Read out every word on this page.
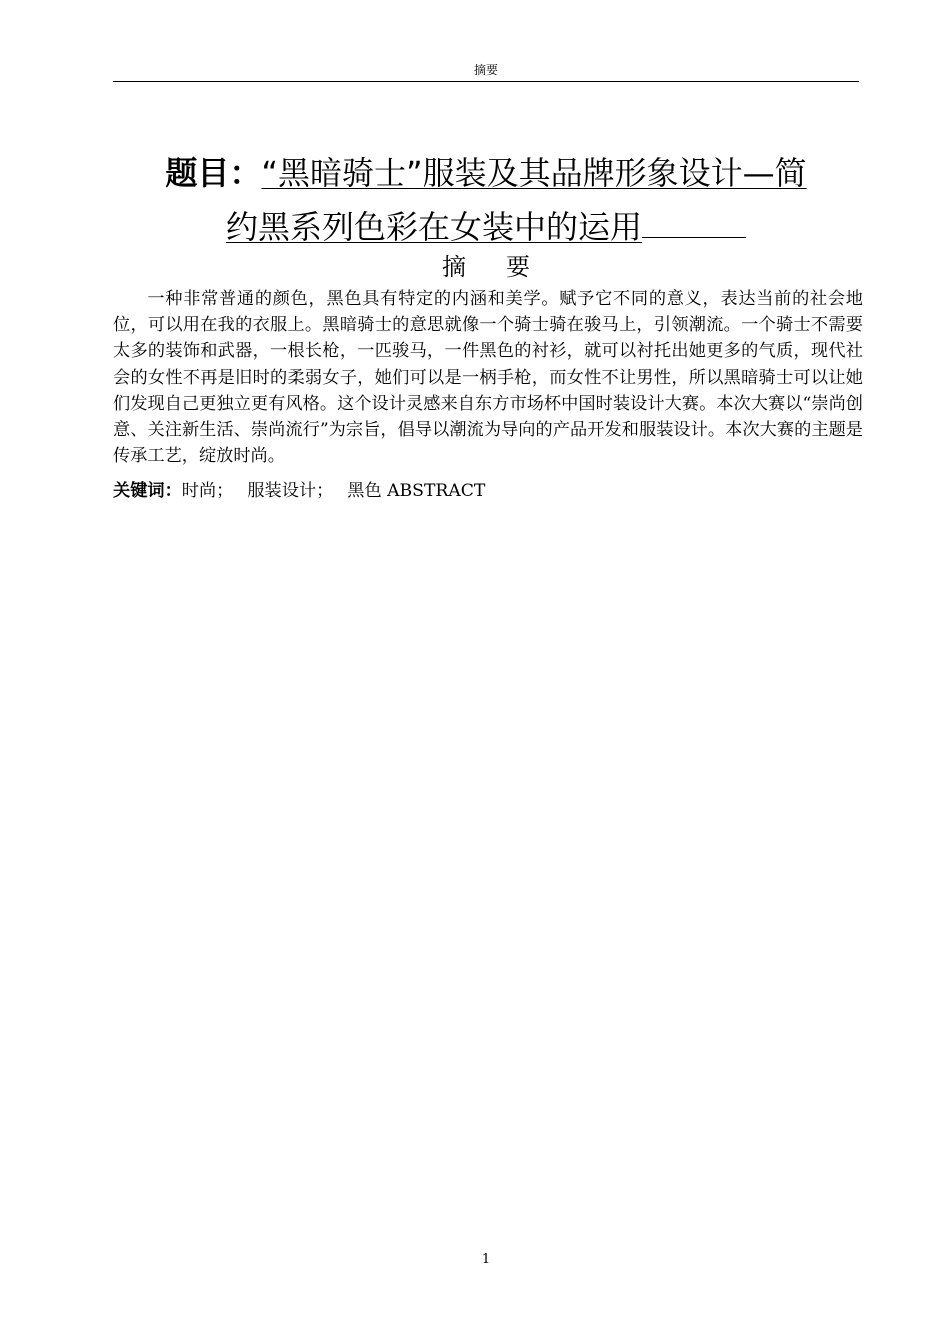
摘要
题目：“黑暗骑士”服装及其品牌形象设计—简
约黑系列色彩在女装中的运用
摘要

一种非常普通的颜色，黑色具有特定的内涵和美学。赋予它不同的意义，表达当前的社会地位，可以用在我的衣服上。黑暗骑士的意思就像一个骑士骑在骏马上，引领潮流。一个骑士不需要太多的装饰和武器，一根长枪，一匹骏马，一件黑色的衬衫，就可以衬托出她更多的气质，现代社会的女性不再是旧时的柔弱女子，她们可以是一柄手枪，而女性不让男性，所以黑暗骑士可以让她们发现自己更独立更有风格。这个设计灵感来自东方市场杯中国时装设计大赛。本次大赛以“崇尚创意、关注新生活、崇尚流行”为宗旨，倡导以潮流为导向的产品开发和服装设计。本次大赛的主题是传承工艺，绽放时尚。

关键词：时尚； 服装设计； 黑色 ABSTRACT
1
